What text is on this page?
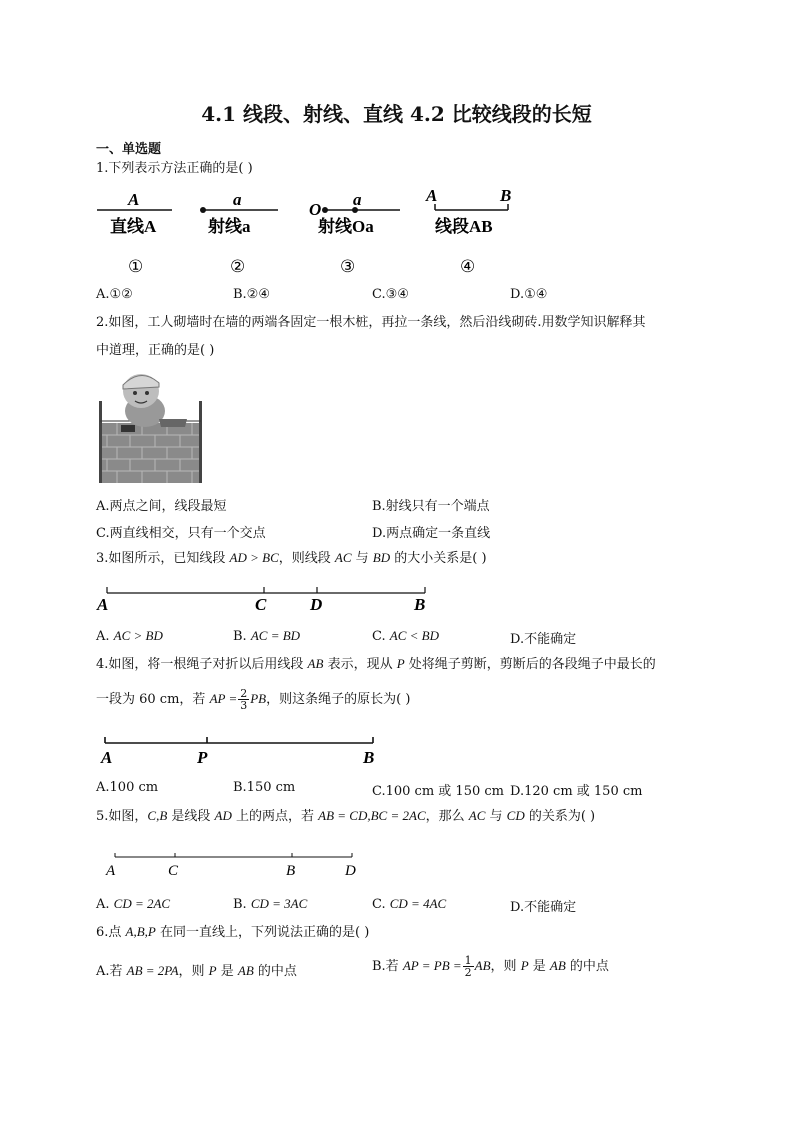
4.1 线段、射线、直线 4.2 比较线段的长短
一、单选题
1.下列表示方法正确的是( )
A
直线A
①
a
射线a
②
O
a
射线Oa
③
A	B
线段AB
④
A.①②	B.②④	C.③④	D.①④
2.如图，工人砌墙时在墙的两端各固定一根木桩，再拉一条线，然后沿线砌砖.用数学知识解释其
中道理，正确的是( )
A.两点之间，线段最短	B.射线只有一个端点
C.两直线相交，只有一个交点	D.两点确定一条直线
3.如图所示，已知线段 AD > BC，则线段 AC 与 BD 的大小关系是( )
A	C	D	B
A. AC > BD	B. AC = BD	C. AC < BD	D.不能确定
4.如图，将一根绳子对折以后用线段 AB 表示，现从 P 处将绳子剪断，剪断后的各段绳子中最长的
一段为 60 cm，若 AP = $\frac{2}{3}$ PB，则这条绳子的原长为( )
A	P	B
A.100 cm	B.150 cm	C.100 cm 或 150 cm D.120 cm 或 150 cm
5.如图，C,B 是线段 AD 上的两点，若 AB = CD,BC = 2AC，那么 AC 与 CD 的关系为( )
A	C	B	D
A. CD = 2AC	B. CD = 3AC	C. CD = 4AC	D.不能确定
6.点 A,B,P 在同一直线上，下列说法正确的是( )
A.若 AB = 2PA，则 P 是 AB 的中点	B.若 AP = PB = $\frac{1}{2}$ AB，则 P 是 AB 的中点
